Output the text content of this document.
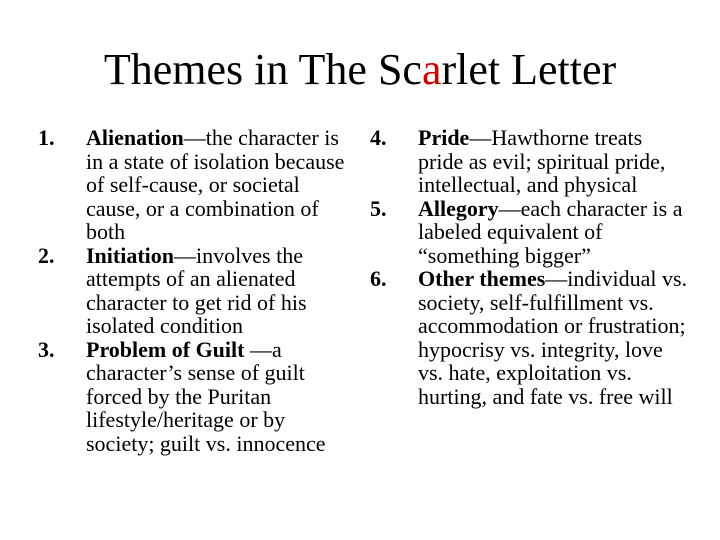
Themes in The Scarlet Letter

1. Alienation—the character is in a state of isolation because of self-cause, or societal cause, or a combination of both

2. Initiation—involves the attempts of an alienated character to get rid of his isolated condition

3. Problem of Guilt —a character’s sense of guilt forced by the Puritan lifestyle/heritage or by society; guilt vs. innocence

4. Pride—Hawthorne treats pride as evil; spiritual pride, intellectual, and physical

5. Allegory—each character is a labeled equivalent of “something bigger”

6. Other themes—individual vs. society, self-fulfillment vs. accommodation or frustration; hypocrisy vs. integrity, love vs. hate, exploitation vs. hurting, and fate vs. free will
